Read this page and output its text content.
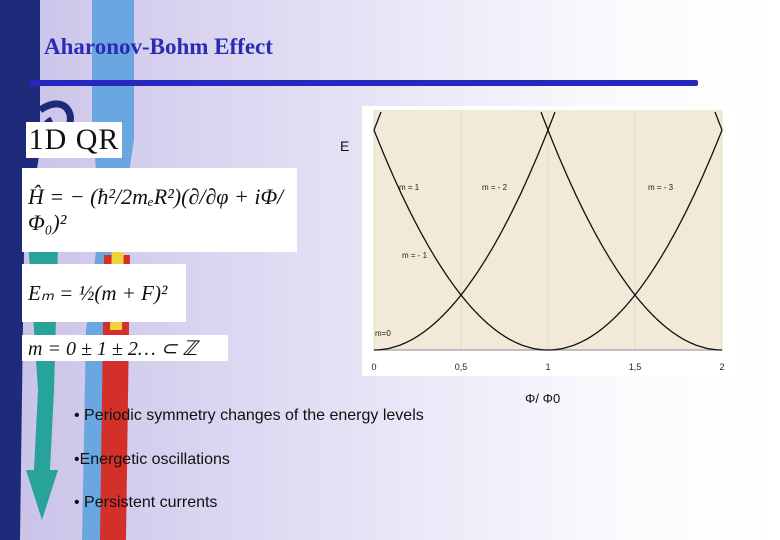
Aharonov-Bohm Effect
1D QR
Ĥ = − (ħ²/2mₑR²)(∂/∂φ + iΦ/Φ₀)²
Eₘ = ½(m + F)²
m = 0 ± 1 ± 2… ⊂ ℤ
E
m=0
m = 1
m = - 1
m = - 2	m = - 3
0	0,5	1	1,5	2
Φ/ Φ0

• Periodic symmetry changes of the energy levels

•Energetic oscillations

• Persistent currents
